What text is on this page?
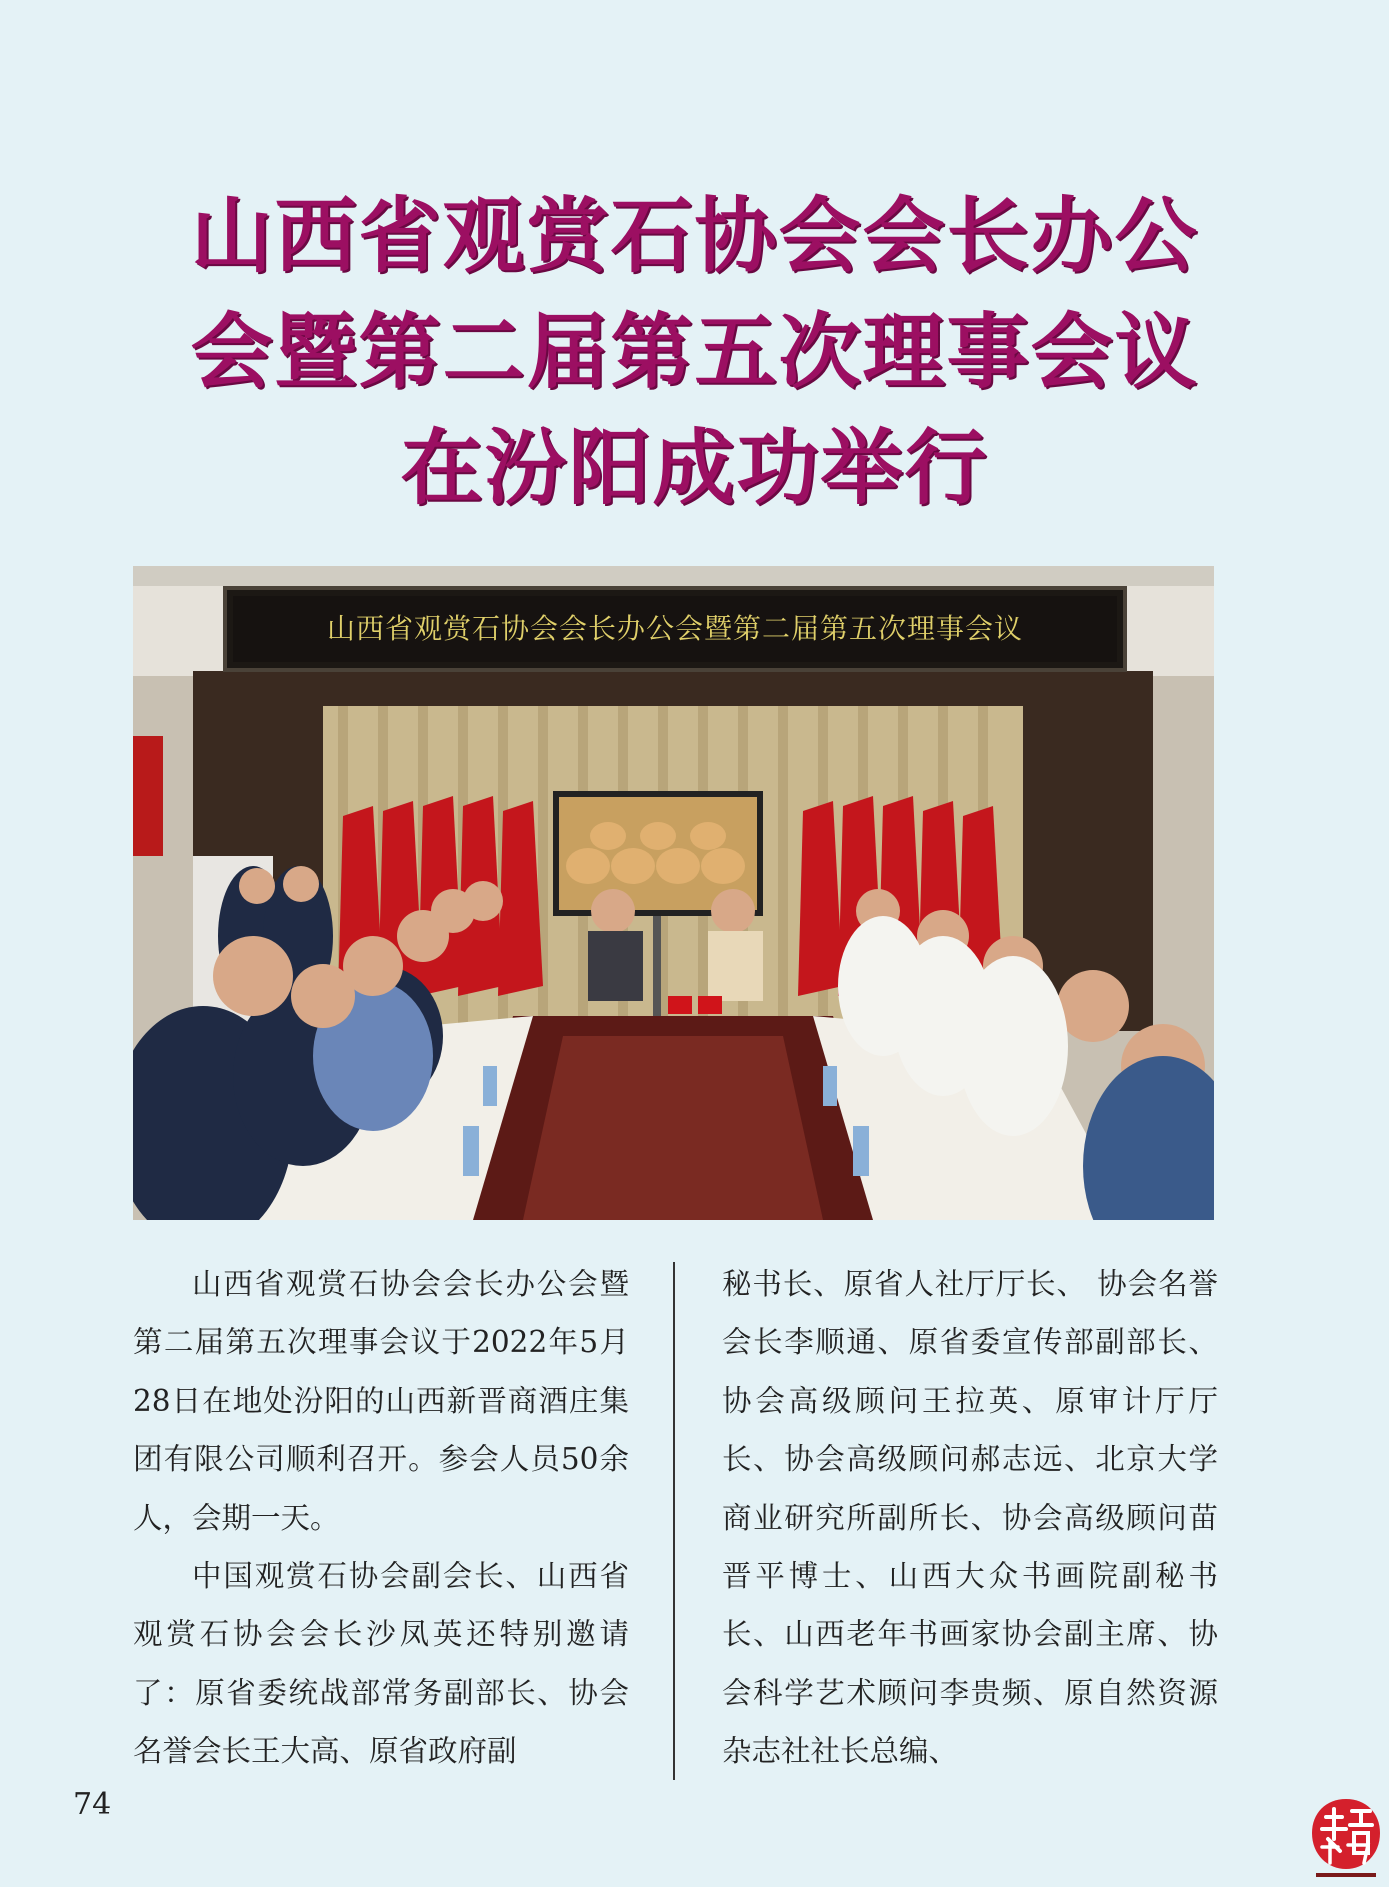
山西省观赏石协会会长办公
会暨第二届第五次理事会议
在汾阳成功举行
山西省观赏石协会会长办公会暨第二届第五次理事会议

山西省观赏石协会会长办公会暨第二届第五次理事会议于2022年5月28日在地处汾阳的山西新晋商酒庄集团有限公司顺利召开。参会人员50余人，会期一天。

中国观赏石协会副会长、山西省观赏石协会会长沙凤英还特别邀请了：原省委统战部常务副部长、协会名誉会长王大高、原省政府副

秘书长、原省人社厅厅长、 协会名誉会长李顺通、原省委宣传部副部长、协会高级顾问王拉英、原审计厅厅长、协会高级顾问郝志远、北京大学商业研究所副所长、协会高级顾问苗晋平博士、山西大众书画院副秘书长、山西老年书画家协会副主席、协会科学艺术顾问李贵频、原自然资源杂志社社长总编、

74
